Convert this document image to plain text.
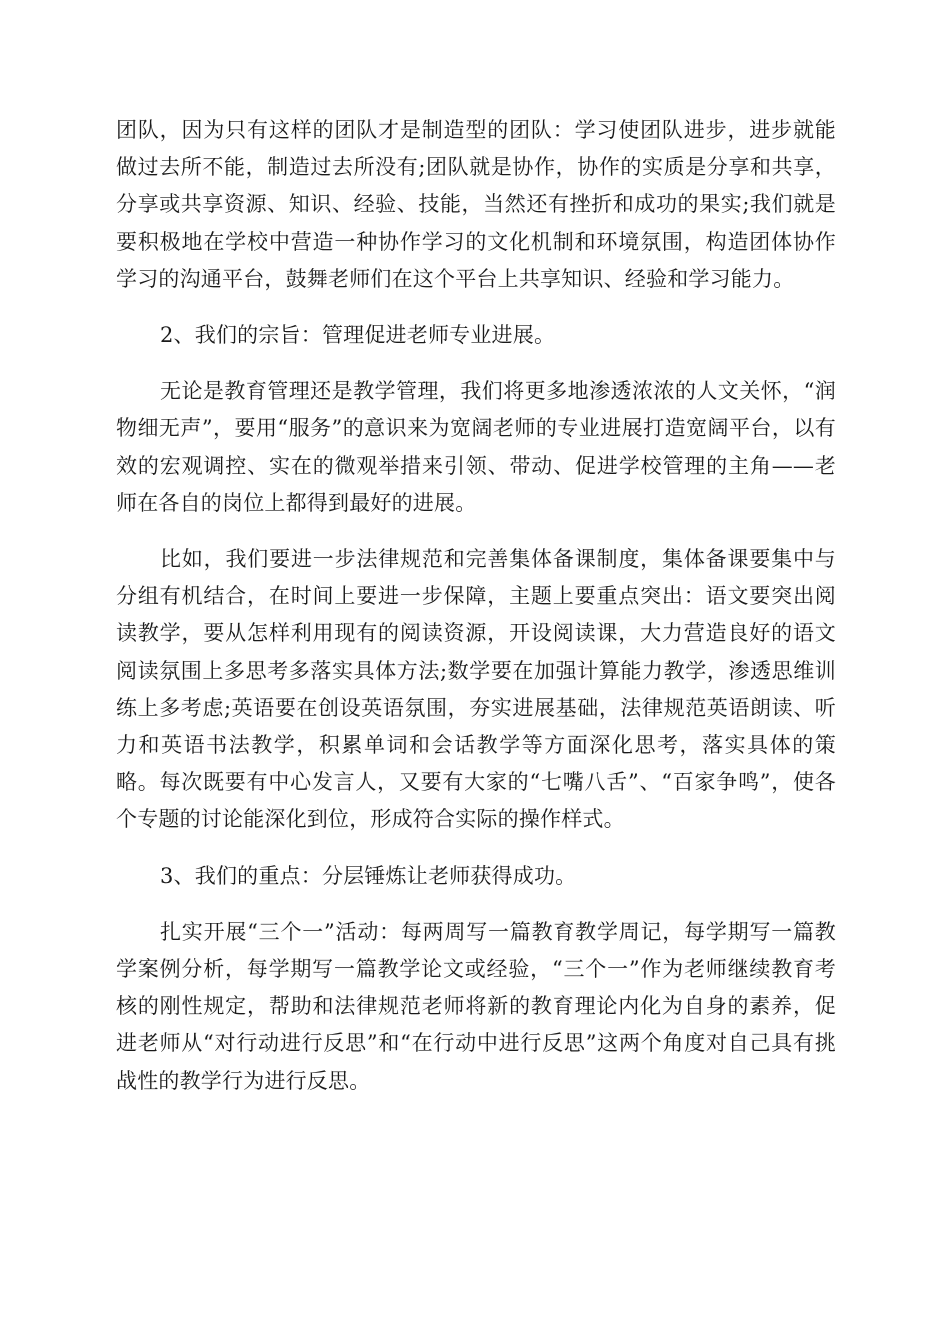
团队，因为只有这样的团队才是制造型的团队：学习使团队进步，进步就能做过去所不能，制造过去所没有;团队就是协作，协作的实质是分享和共享，分享或共享资源、知识、经验、技能，当然还有挫折和成功的果实;我们就是要积极地在学校中营造一种协作学习的文化机制和环境氛围，构造团体协作学习的沟通平台，鼓舞老师们在这个平台上共享知识、经验和学习能力。

2、我们的宗旨：管理促进老师专业进展。

无论是教育管理还是教学管理，我们将更多地渗透浓浓的人文关怀，“润物细无声”，要用“服务”的意识来为宽阔老师的专业进展打造宽阔平台，以有效的宏观调控、实在的微观举措来引领、带动、促进学校管理的主角——老师在各自的岗位上都得到最好的进展。

比如，我们要进一步法律规范和完善集体备课制度，集体备课要集中与分组有机结合，在时间上要进一步保障，主题上要重点突出：语文要突出阅读教学，要从怎样利用现有的阅读资源，开设阅读课，大力营造良好的语文阅读氛围上多思考多落实具体方法;数学要在加强计算能力教学，渗透思维训练上多考虑;英语要在创设英语氛围，夯实进展基础，法律规范英语朗读、听力和英语书法教学，积累单词和会话教学等方面深化思考，落实具体的策略。每次既要有中心发言人，又要有大家的“七嘴八舌”、“百家争鸣”，使各个专题的讨论能深化到位，形成符合实际的操作样式。

3、我们的重点：分层锤炼让老师获得成功。

扎实开展“三个一”活动：每两周写一篇教育教学周记，每学期写一篇教学案例分析，每学期写一篇教学论文或经验，“三个一”作为老师继续教育考核的刚性规定，帮助和法律规范老师将新的教育理论内化为自身的素养，促进老师从“对行动进行反思”和“在行动中进行反思”这两个角度对自己具有挑战性的教学行为进行反思。
